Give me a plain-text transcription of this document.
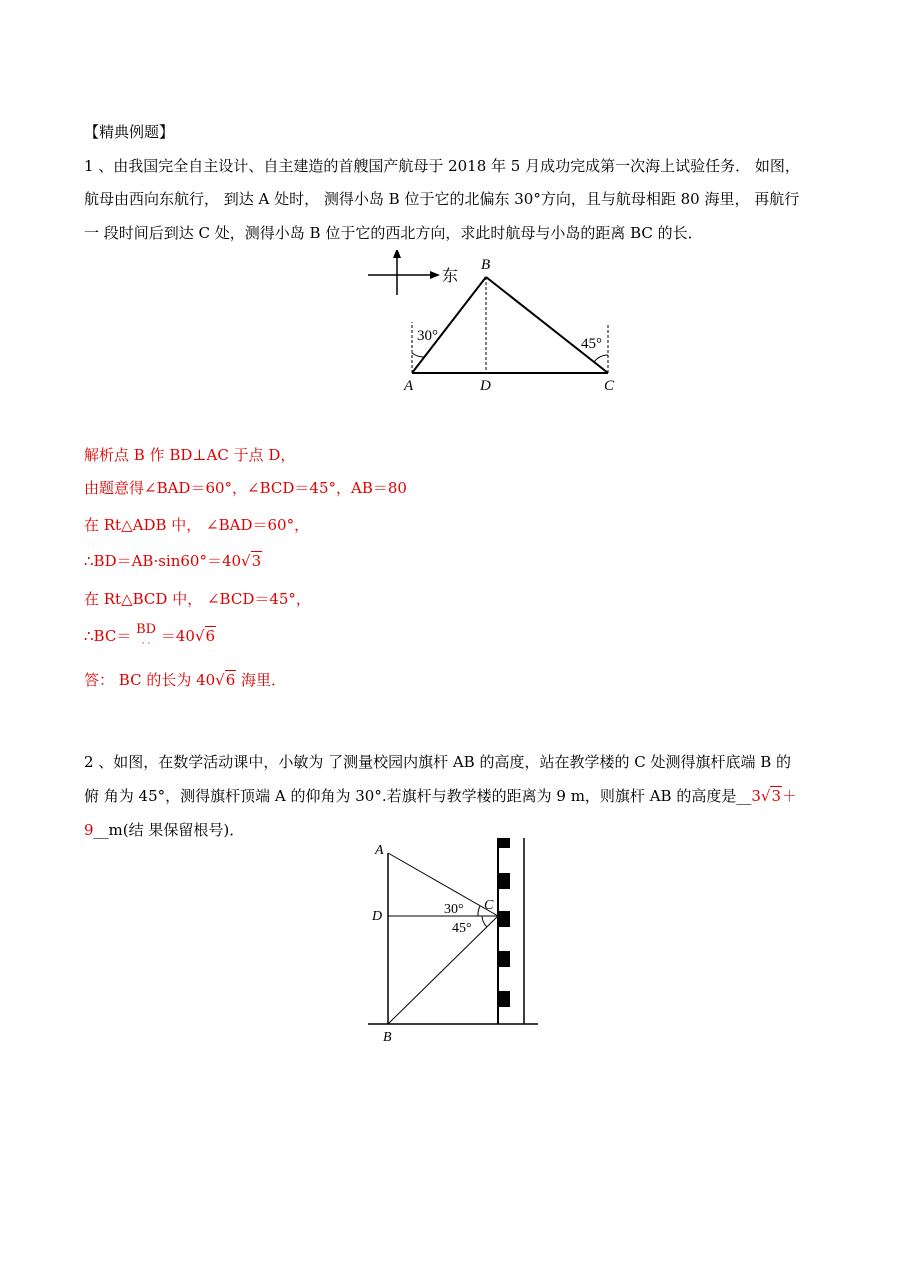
【精典例题】
1 、由我国完全自主设计、自主建造的首艘国产航母于 2018 年 5 月成功完成第一次海上试验任务． 如图，
航母由西向东航行， 到达 A 处时， 测得小岛 B 位于它的北偏东 30°方向，且与航母相距 80 海里， 再航行
一 段时间后到达 C 处，测得小岛 B 位于它的西北方向，求此时航母与小岛的距离 BC 的长．
东
30°	45°
B
A	D	C
解析点 B 作 BD⊥AC 于点 D，
由题意得∠BAD＝60°，∠BCD＝45°，AB＝80
在 Rt△ADB 中， ∠BAD＝60°，
∴BD＝AB·sin60°＝40√3
在 Rt△BCD 中， ∠BCD＝45°，
∴BC＝ BD
· · ＝40√6
答： BC 的长为 40√6 海里．
2 、如图，在数学活动课中，小敏为 了测量校园内旗杆 AB 的高度，站在教学楼的 C 处测得旗杆底端 B 的
俯 角为 45°，测得旗杆顶端 A 的仰角为 30°.若旗杆与教学楼的距离为 9 m，则旗杆 AB 的高度是__3√3＋
9__m(结 果保留根号)．
30°
45°
A
D
C
B
